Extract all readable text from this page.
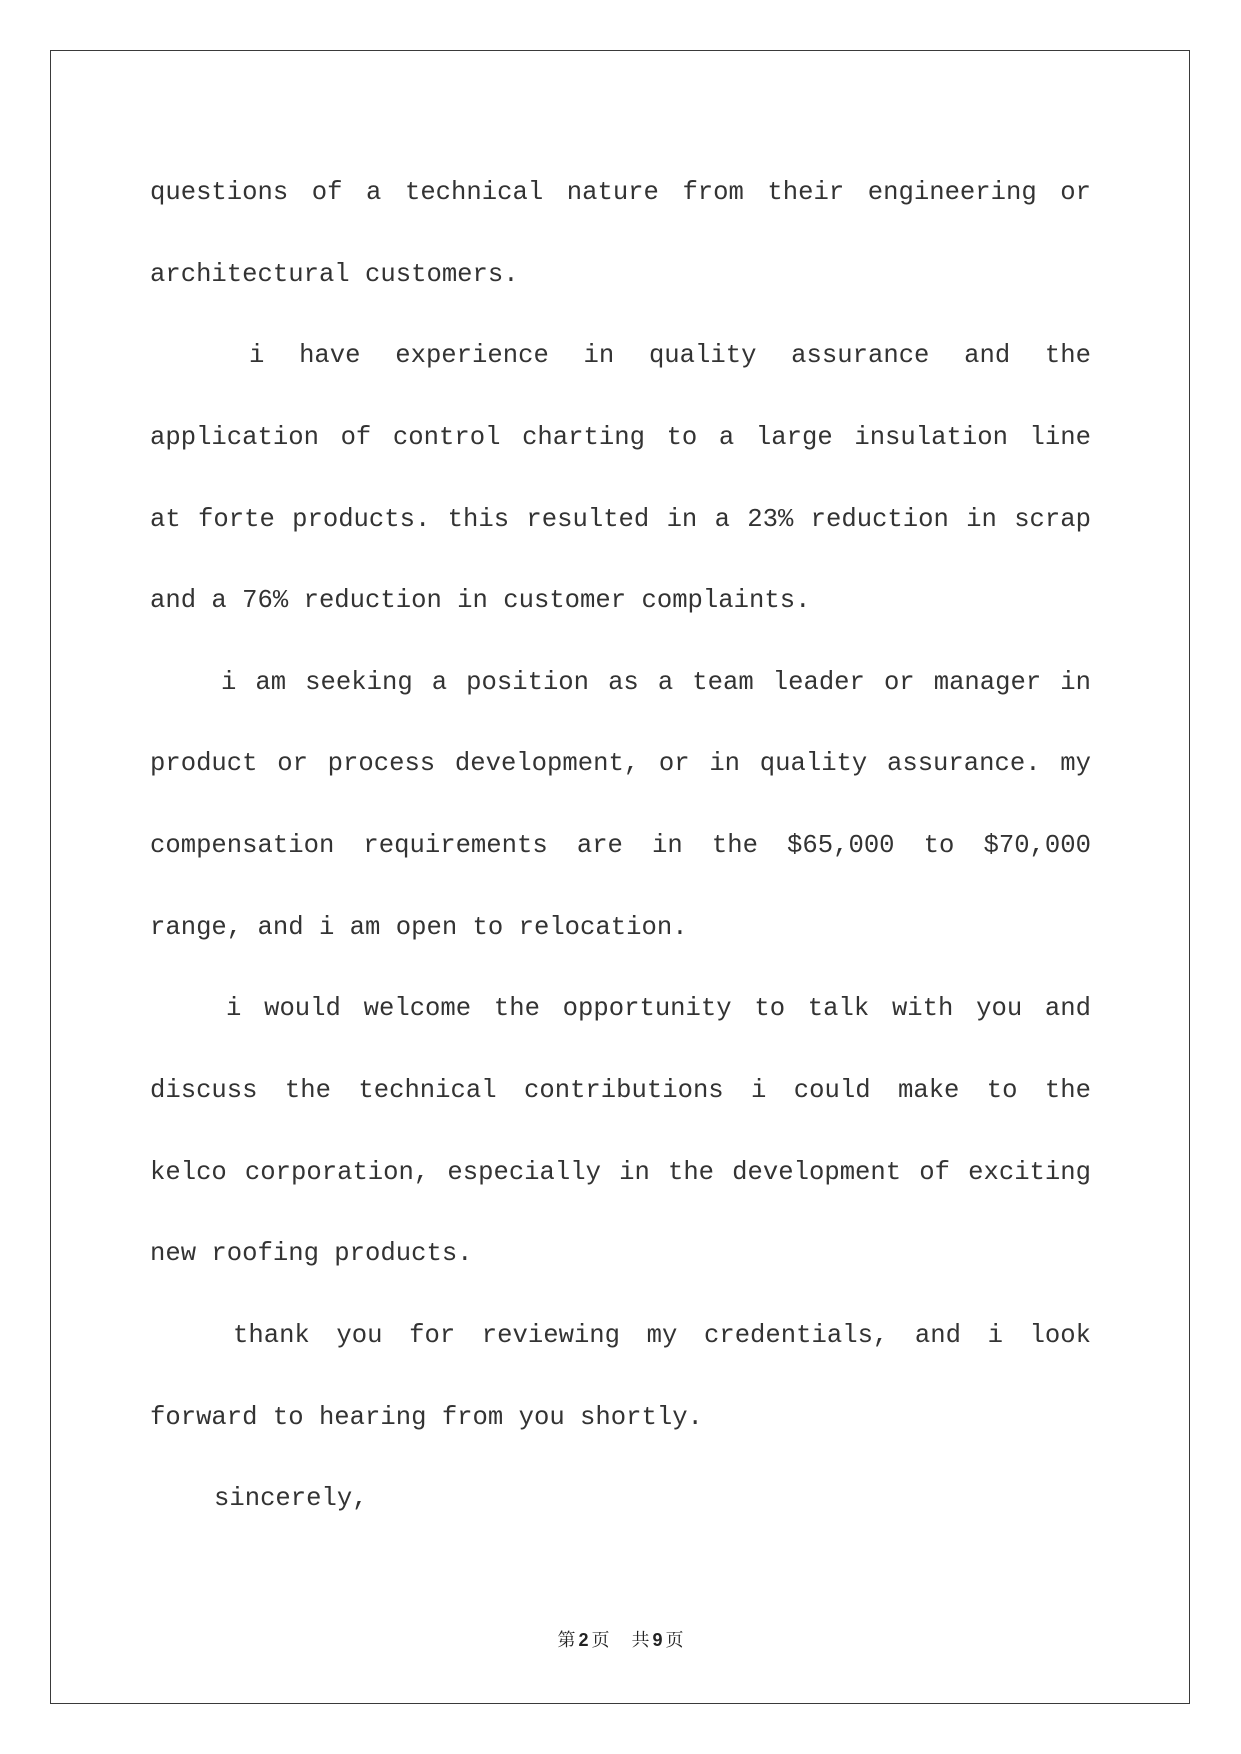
questions of a technical nature from their engineering or
architectural customers.
i have experience in quality assurance and the
application of control charting to a large insulation line
at forte products. this resulted in a 23% reduction in scrap
and a 76% reduction in customer complaints.
i am seeking a position as a team leader or manager in
product or process development, or in quality assurance. my
compensation requirements are in the $65,000 to $70,000
range, and i am open to relocation.
i would welcome the opportunity to talk with you and
discuss the technical contributions i could make to the
kelco corporation, especially in the development of exciting
new roofing products.
thank you for reviewing my credentials, and i look
forward to hearing from you shortly.
sincerely,
第 2 页 共 9 页
